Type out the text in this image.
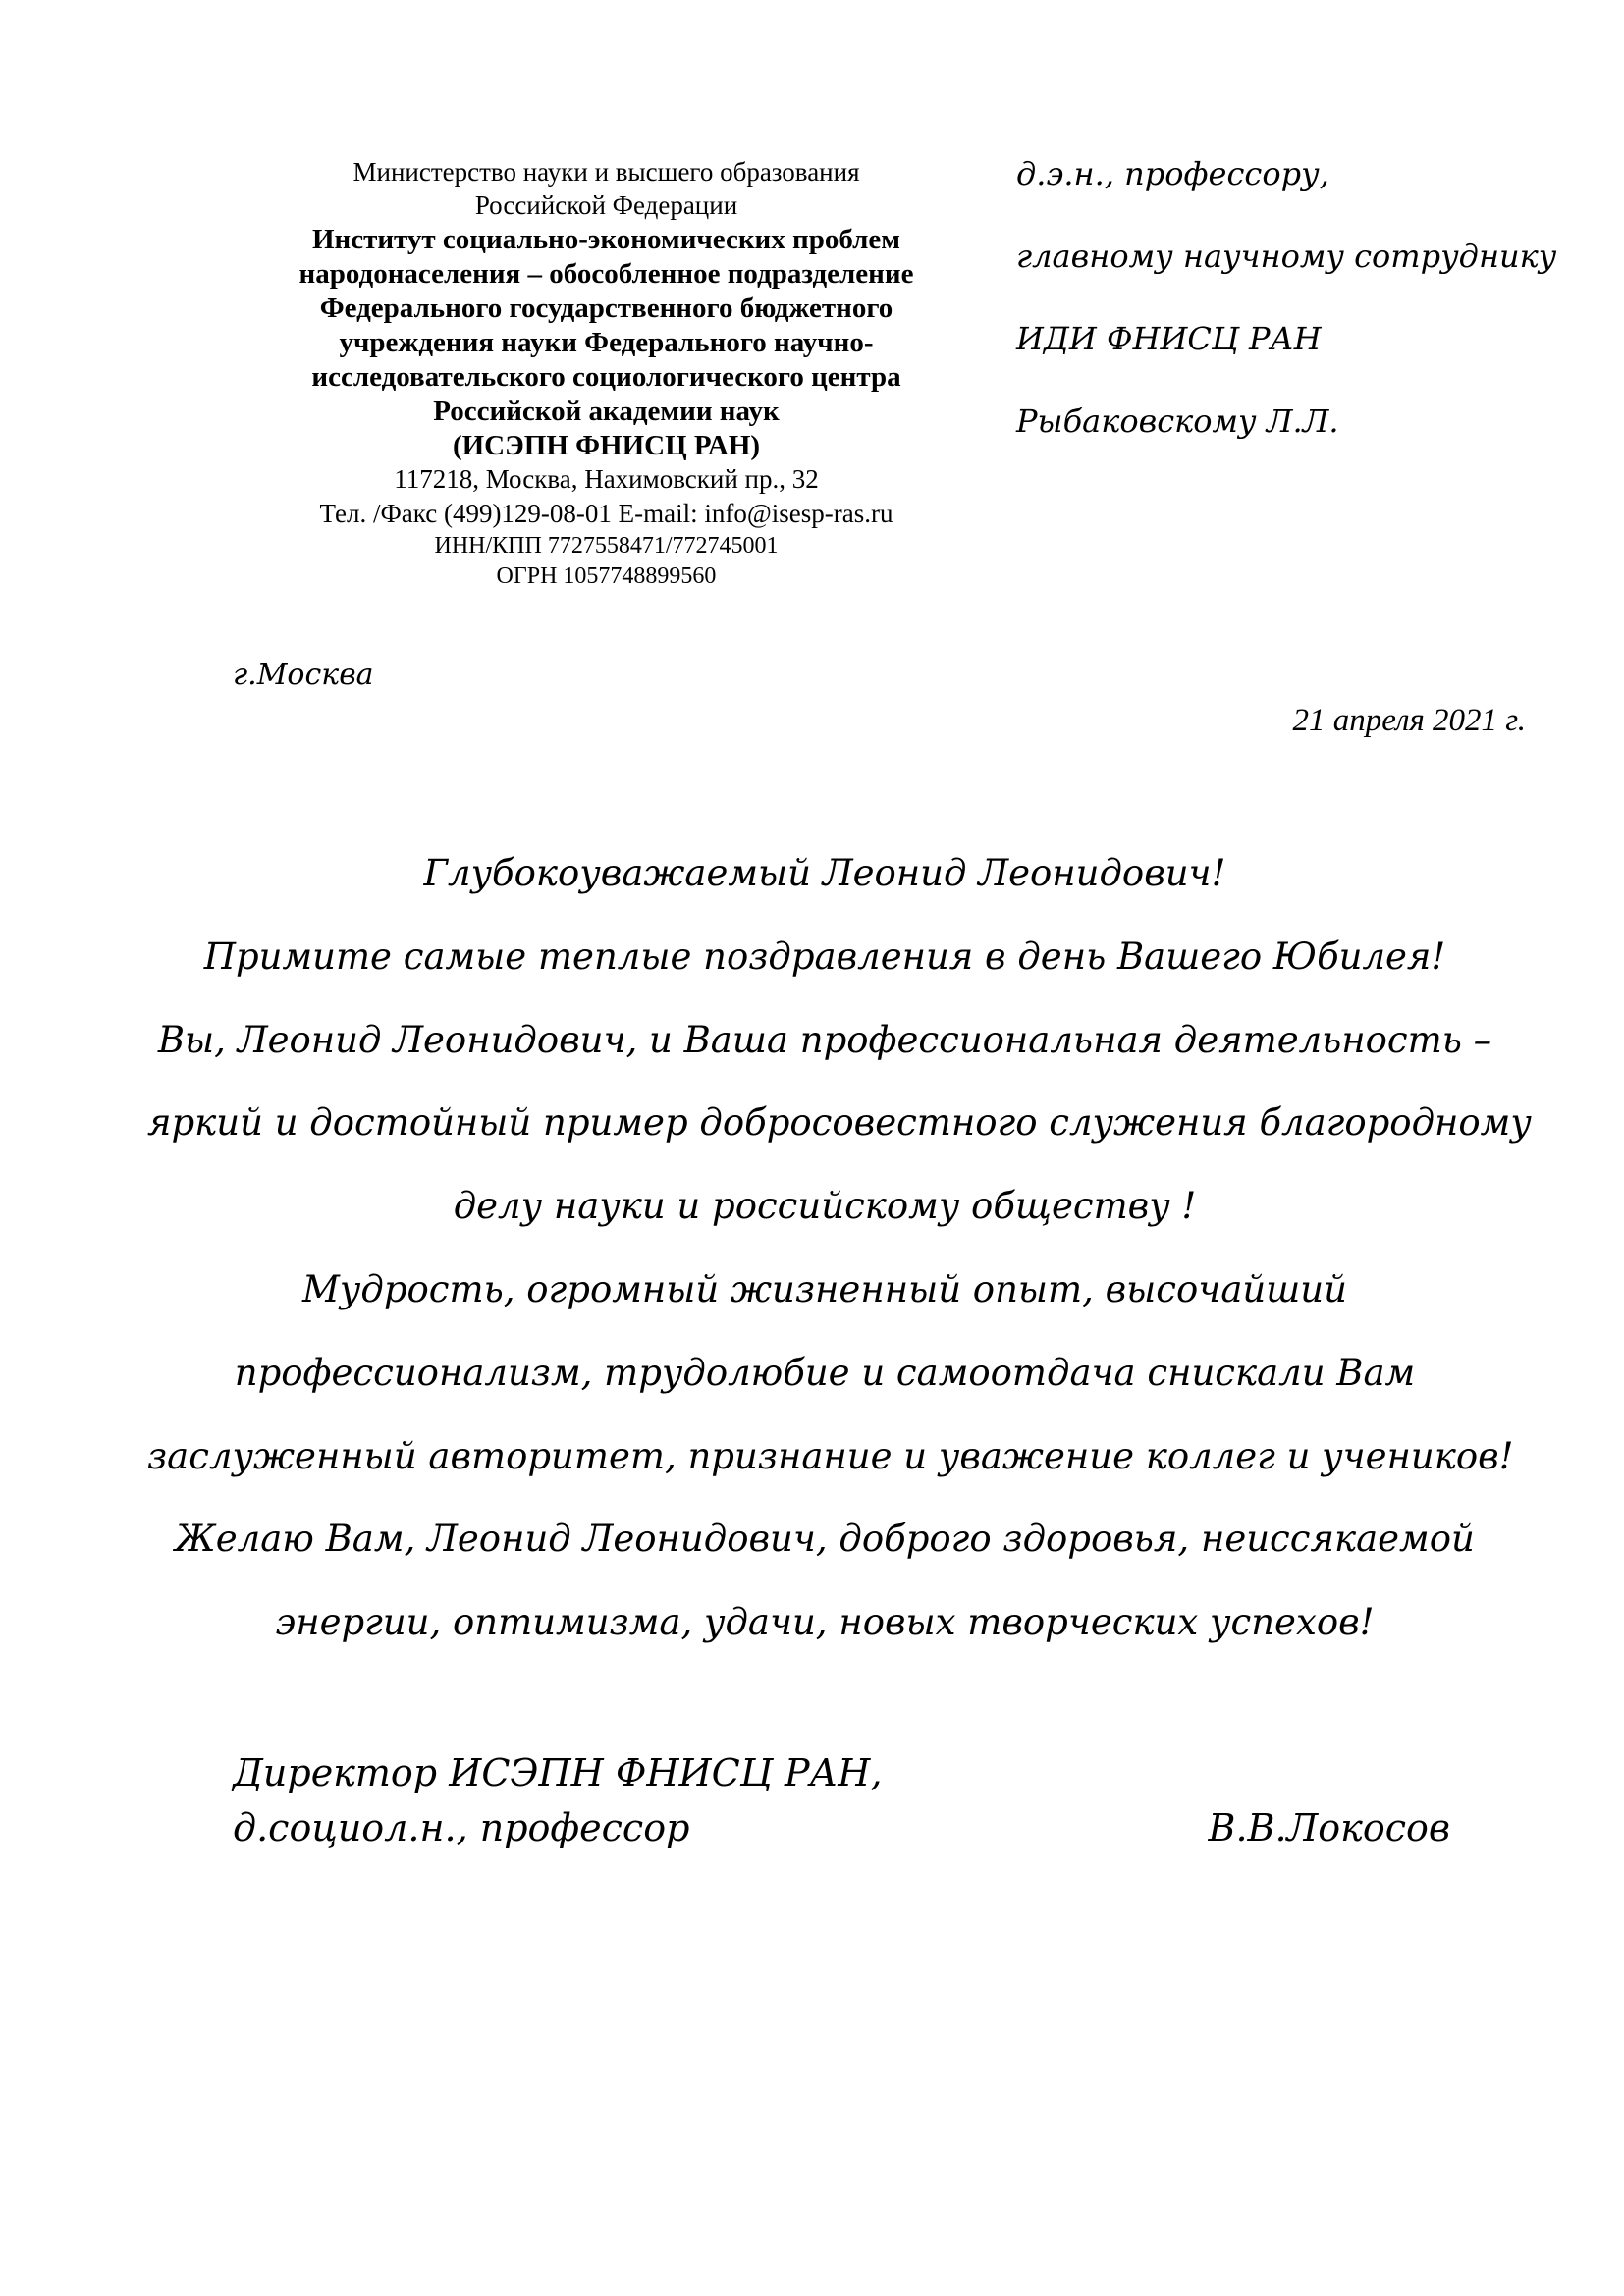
Министерство науки и высшего образования
Российской Федерации
Институт социально-экономических проблем
народонаселения – обособленное подразделение
Федерального государственного бюджетного
учреждения науки Федерального научно-
исследовательского социологического центра
Российской академии наук
(ИСЭПН ФНИСЦ РАН)
117218, Москва, Нахимовский пр., 32
Тел. /Факс (499)129-08-01 E-mail: info@isesp-ras.ru
ИНН/КПП 7727558471/772745001
ОГРН 1057748899560
д.э.н., профессору,
главному научному сотруднику
ИДИ ФНИСЦ РАН
Рыбаковскому Л.Л.
г.Москва
21 апреля 2021 г.
Глубокоуважаемый Леонид Леонидович!
Примите самые теплые поздравления в день Вашего Юбилея!
Вы, Леонид Леонидович, и Ваша профессиональная деятельность –
яркий и достойный пример добросовестного служения благородному
делу науки и российскому обществу !
Мудрость, огромный жизненный опыт, высочайший
профессионализм, трудолюбие и самоотдача снискали Вам
заслуженный авторитет, признание и уважение коллег и учеников!
Желаю Вам, Леонид Леонидович, доброго здоровья, неиссякаемой
энергии, оптимизма, удачи, новых творческих успехов!
Директор ИСЭПН ФНИСЦ РАН,
д.социол.н., профессор	В.В.Локосов
